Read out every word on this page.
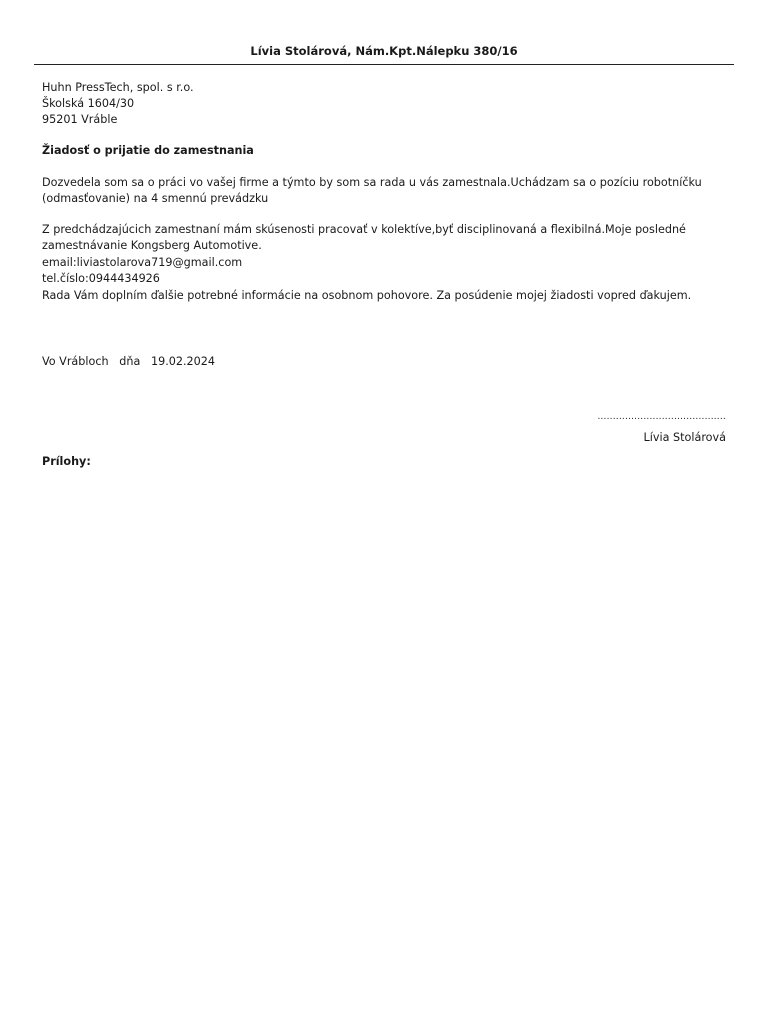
Lívia Stolárová, Nám.Kpt.Nálepku 380/16
Huhn PressTech, spol. s r.o.
Školská 1604/30
95201 Vráble
Žiadosť o prijatie do zamestnania
Dozvedela som sa o práci vo vašej firme a týmto by som sa rada u vás zamestnala.Uchádzam sa o pozíciu robotníčku
(odmasťovanie) na 4 smennú prevádzku
Z predchádzajúcich zamestnaní mám skúsenosti pracovať v kolektíve,byť disciplinovaná a flexibilná.Moje posledné
zamestnávanie Kongsberg Automotive.
email:liviastolarova719@gmail.com
tel.číslo:0944434926
Rada Vám doplním ďalšie potrebné informácie na osobnom pohovore. Za posúdenie mojej žiadosti vopred ďakujem.
Vo Vrábloch   dňa   19.02.2024
..........................................
Lívia Stolárová
Prílohy:
